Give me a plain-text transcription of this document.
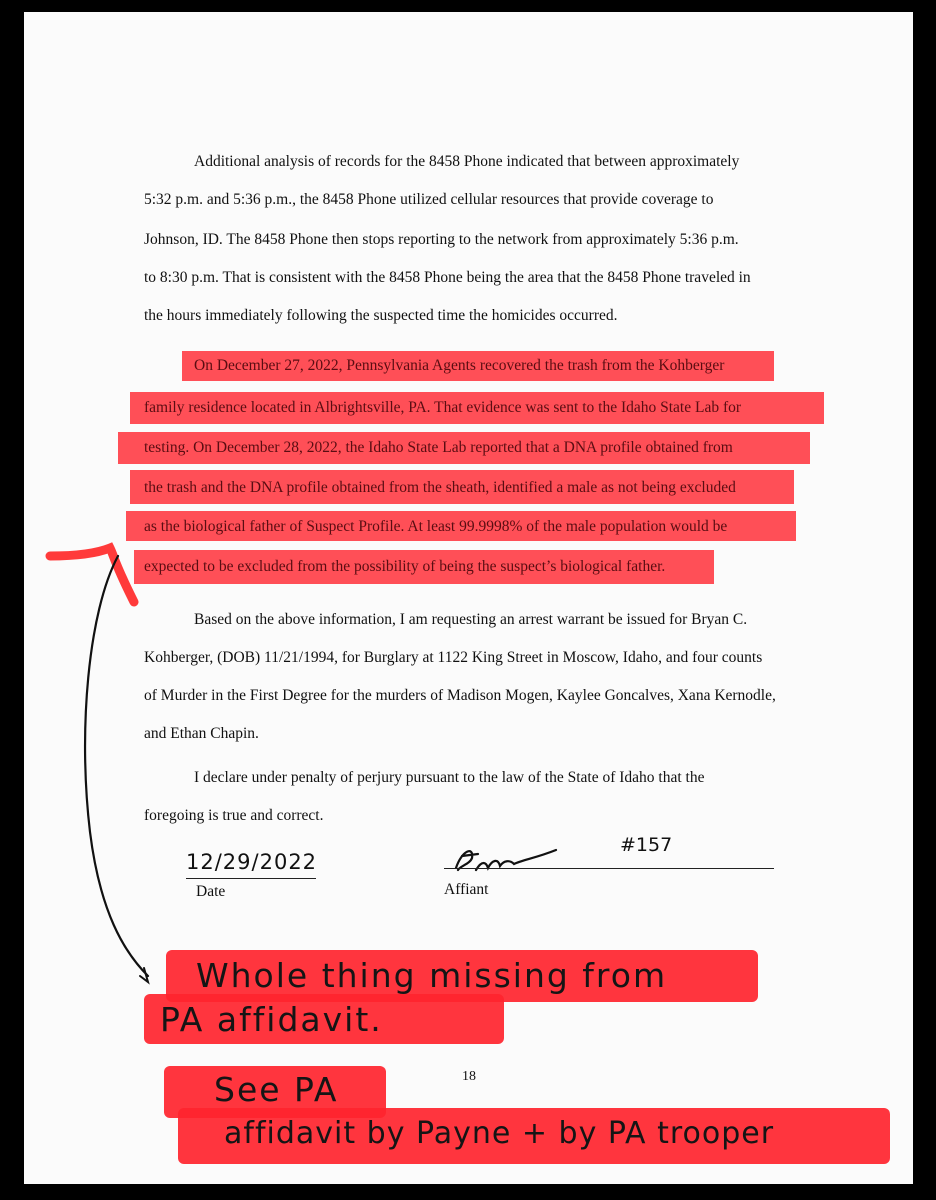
Additional analysis of records for the 8458 Phone indicated that between approximately
5:32 p.m. and 5:36 p.m., the 8458 Phone utilized cellular resources that provide coverage to
Johnson, ID. The 8458 Phone then stops reporting to the network from approximately 5:36 p.m.
to 8:30 p.m. That is consistent with the 8458 Phone being the area that the 8458 Phone traveled in
the hours immediately following the suspected time the homicides occurred.
On December 27, 2022, Pennsylvania Agents recovered the trash from the Kohberger
family residence located in Albrightsville, PA. That evidence was sent to the Idaho State Lab for
testing. On December 28, 2022, the Idaho State Lab reported that a DNA profile obtained from
the trash and the DNA profile obtained from the sheath, identified a male as not being excluded
as the biological father of Suspect Profile. At least 99.9998% of the male population would be
expected to be excluded from the possibility of being the suspect’s biological father.
Based on the above information, I am requesting an arrest warrant be issued for Bryan C.
Kohberger, (DOB) 11/21/1994, for Burglary at 1122 King Street in Moscow, Idaho, and four counts
of Murder in the First Degree for the murders of Madison Mogen, Kaylee Goncalves, Xana Kernodle,
and Ethan Chapin.
I declare under penalty of perjury pursuant to the law of the State of Idaho that the
foregoing is true and correct.
12/29/2022
Date
#157
Affiant
18
Whole thing missing from
PA affidavit.
See PA
affidavit by Payne + by PA trooper
